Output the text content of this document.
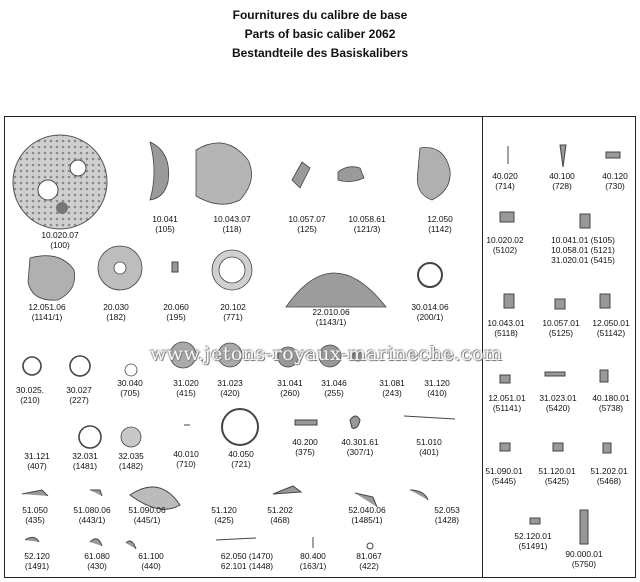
Fournitures du calibre de base
Parts of basic caliber 2062
Bestandteile des Basiskalibers
10.020.07
(100)
10.041
(105)
10.043.07
(118)
10.057.07
(125)
10.058.61
(121/3)
12.050
(1142)
12.051.06
(1141/1)
20.030
(182)
20.060
(195)
20.102
(771)	22.010.06
(1143/1)
30.014.06
(200/1)
30.025.
(210)
30.027
(227)
30.040
(705)
31.020
(415)
31.023
(420)
31.041
(260)
31.046
(255)
31.081
(243)
31.120
(410)
31.121
(407)
32.031
(1481)
32.035
(1482)
40.010
(710)
40.050
(721)
40.200
(375)
40.301.61
(307/1)
51.010
(401)
51.050
(435)
51.080.06
(443/1)
51.090.06
(445/1)
51.120
(425)
51.202
(468)
52.040.06
(1485/1)
52.053
(1428)
52.120
(1491)
61.080
(430)
61.100
(440)
62.050 (1470)
62.101 (1448)
80.400
(163/1)
81.067
(422)
40.020
(714)
40.100
(728)
40.120
(730)
10.020.02
(5102)
10.041.01 (5105)
10.058.01 (5121)
31.020.01 (5415)
10.043.01
(5118)
10.057.01
(5125)
12.050.01
(51142)
12.051.01
(51141)
31.023.01
(5420)
40.180.01
(5738)
51.090.01
(5445)
51.120.01
(5425)
51.202.01
(5468)
52.120.01
(51491)
90.000.01
(5750)
www.jetons-royaux-marineche.com
